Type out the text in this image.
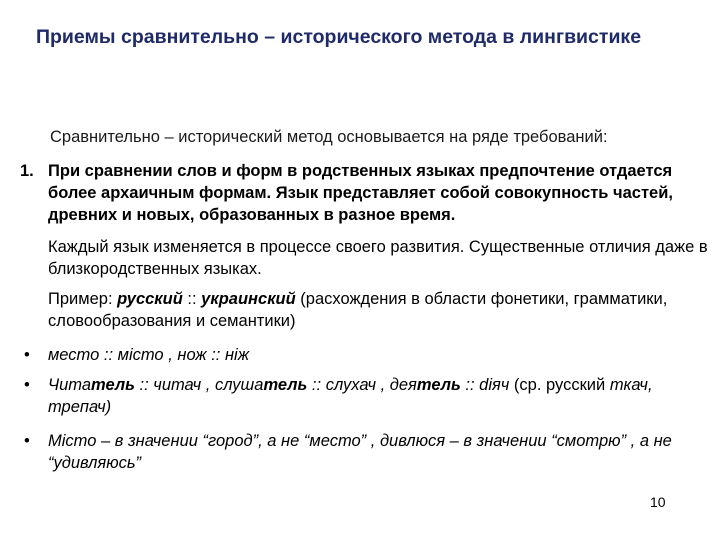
Приемы сравнительно – исторического метода в лингвистике
Сравнительно – исторический метод основывается на ряде требований:
1. При сравнении слов и форм в родственных языках предпочтение отдается более архаичным формам. Язык представляет собой совокупность частей, древних и новых, образованных в разное время.
Каждый язык изменяется в процессе своего развития. Существенные отличия даже в близкородственных языках.
Пример: русский :: украинский (расхождения в области фонетики, грамматики, словообразования и семантики)
• место :: місто , нож :: ніж
• Читатель :: читач , слушатель :: слухач , деятель :: diяч (ср. русский ткач, трепач)
• Місто – в значении “город”, а не “место” , дивлюся – в значении “смотрю” , а не “удивляюсь”
10
